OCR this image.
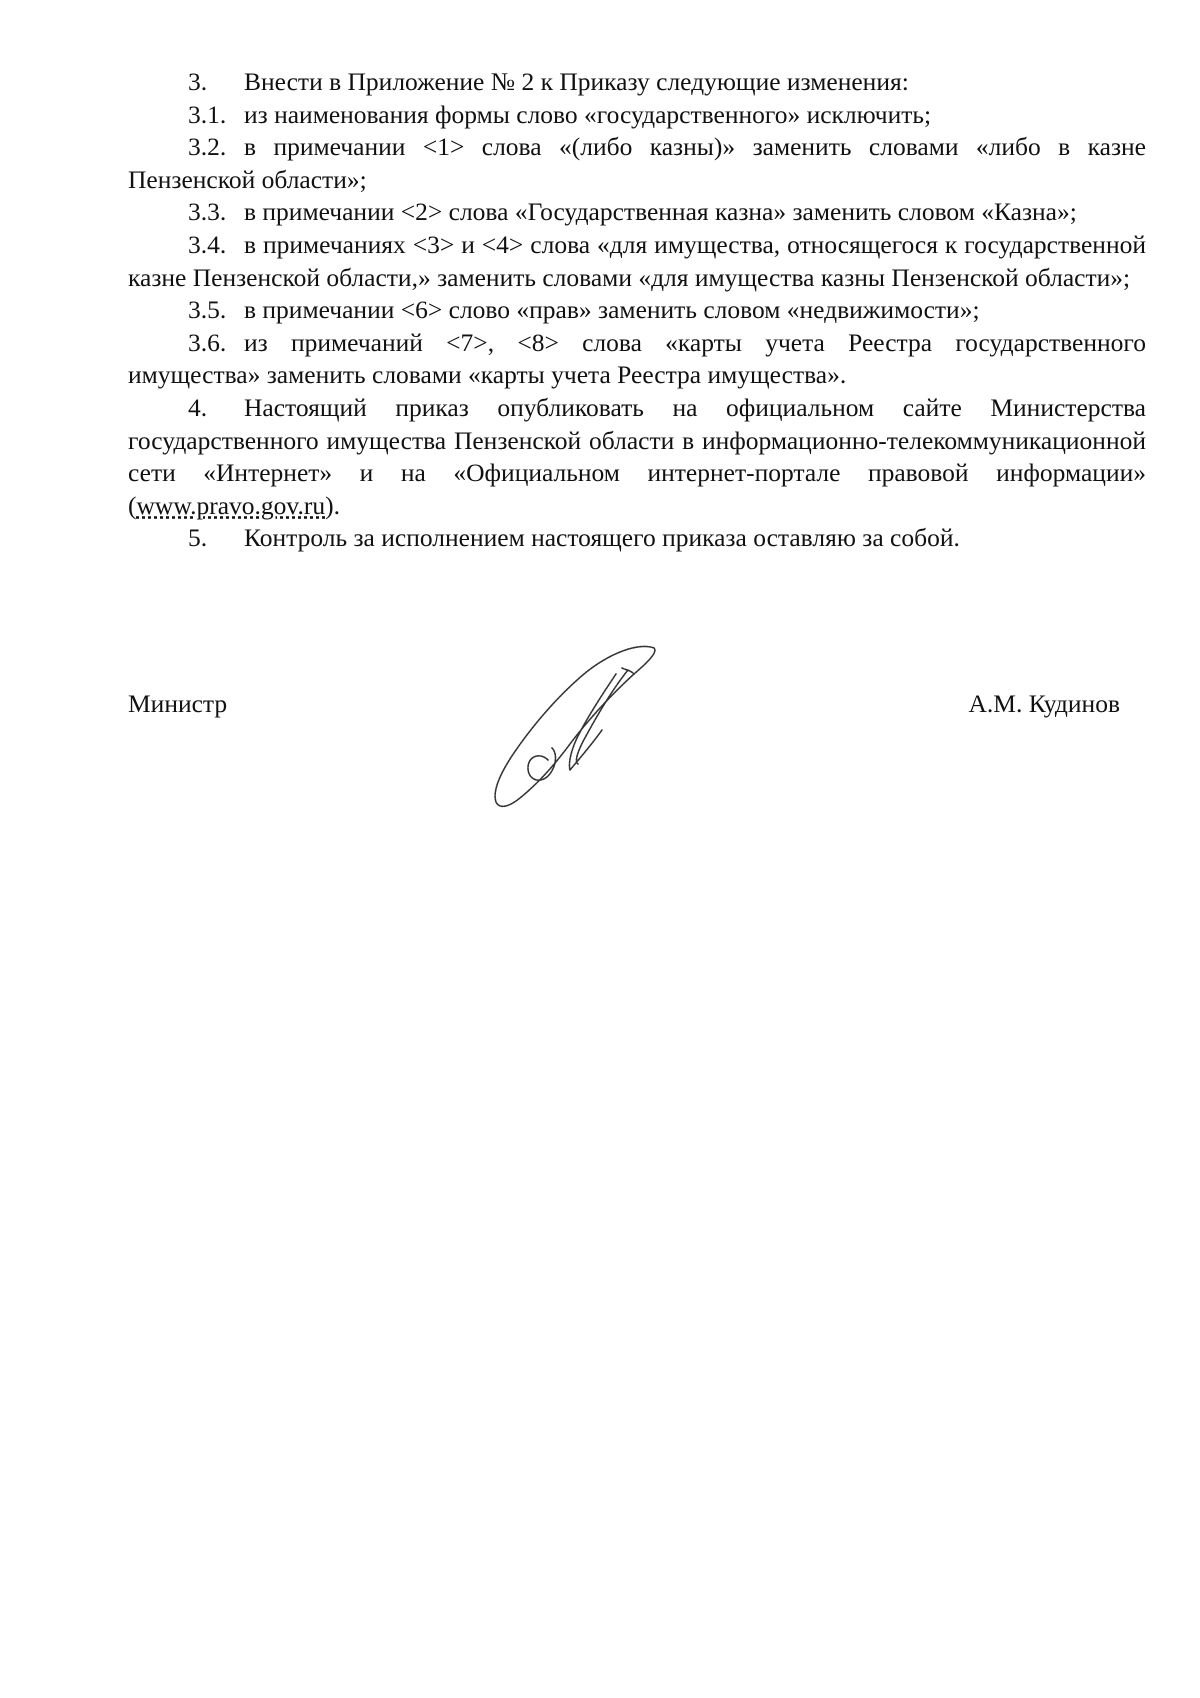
3. Внести в Приложение № 2 к Приказу следующие изменения:

3.1. из наименования формы слово «государственного» исключить;

3.2. в примечании <1> слова «(либо казны)» заменить словами «либо в казне Пензенской области»;

3.3. в примечании <2> слова «Государственная казна» заменить словом «Казна»;

3.4. в примечаниях <3> и <4> слова «для имущества, относящегося к государственной казне Пензенской области,» заменить словами «для имущества казны Пензенской области»;

3.5. в примечании <6> слово «прав» заменить словом «недвижимости»;

3.6. из примечаний <7>, <8> слова «карты учета Реестра государственного имущества» заменить словами «карты учета Реестра имущества».

4. Настоящий приказ опубликовать на официальном сайте Министерства государственного имущества Пензенской области в информационно-телекоммуникационной сети «Интернет» и на «Официальном интернет-портале правовой информации» (www.pravo.gov.ru).

5. Контроль за исполнением настоящего приказа оставляю за собой.

Министр	А.М. Кудинов
